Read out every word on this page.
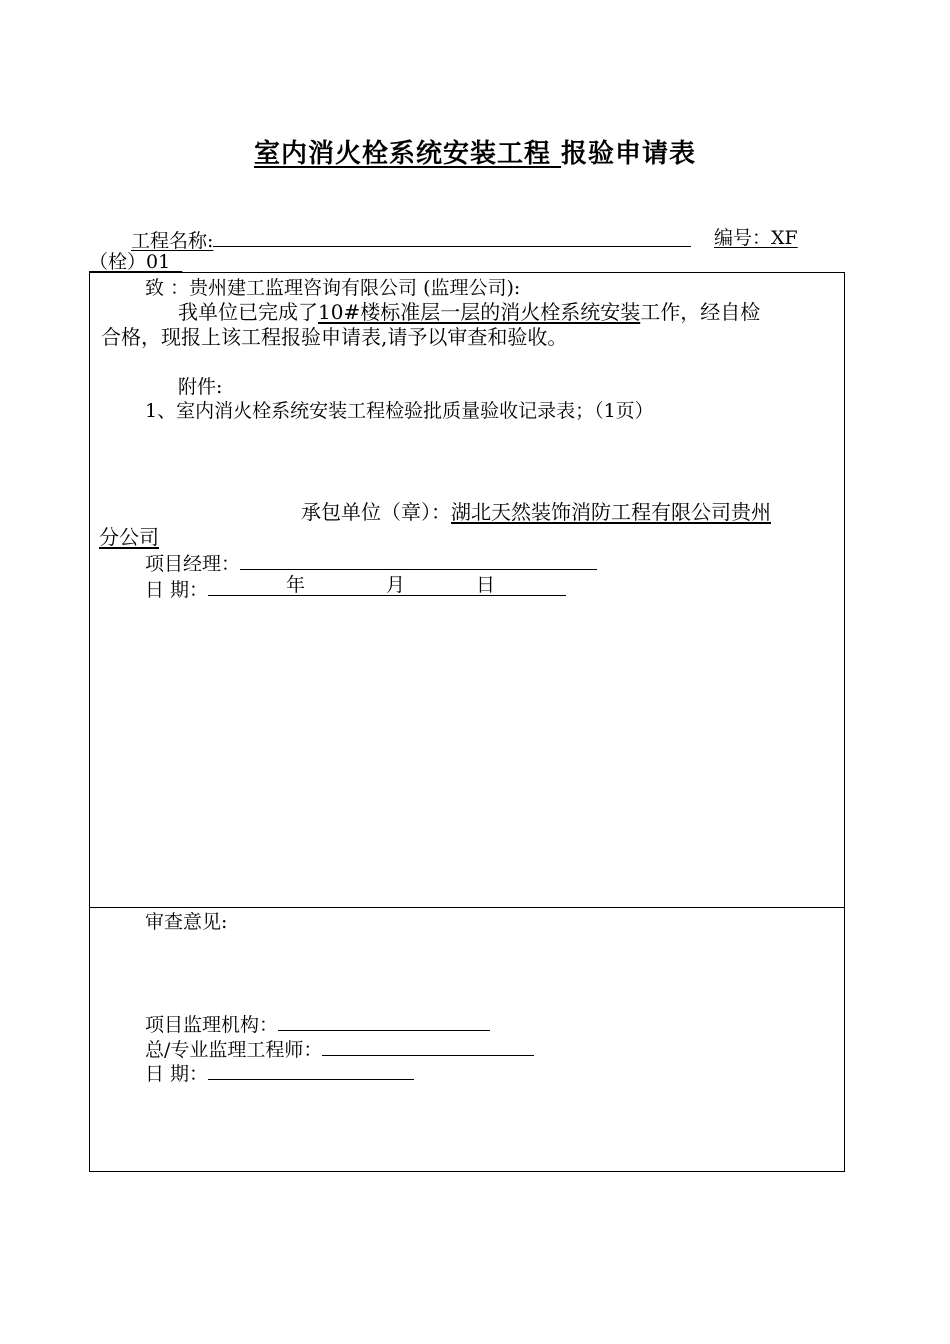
室内消火栓系统安装工程 报验申请表
工程名称:	编号：XF
（栓）01
致 ：贵州建工监理咨询有限公司 (监理公司):
我单位已完成了10#楼标准层一层的消火栓系统安装工作，经自检
合格，现报上该工程报验申请表,请予以审查和验收。
附件:
1、室内消火栓系统安装工程检验批质量验收记录表；（1页）
承包单位（章）：湖北天然装饰消防工程有限公司贵州
分公司
项目经理：
日 期：	年	月	日
审查意见:
项目监理机构：
总/专业监理工程师：
日 期：
